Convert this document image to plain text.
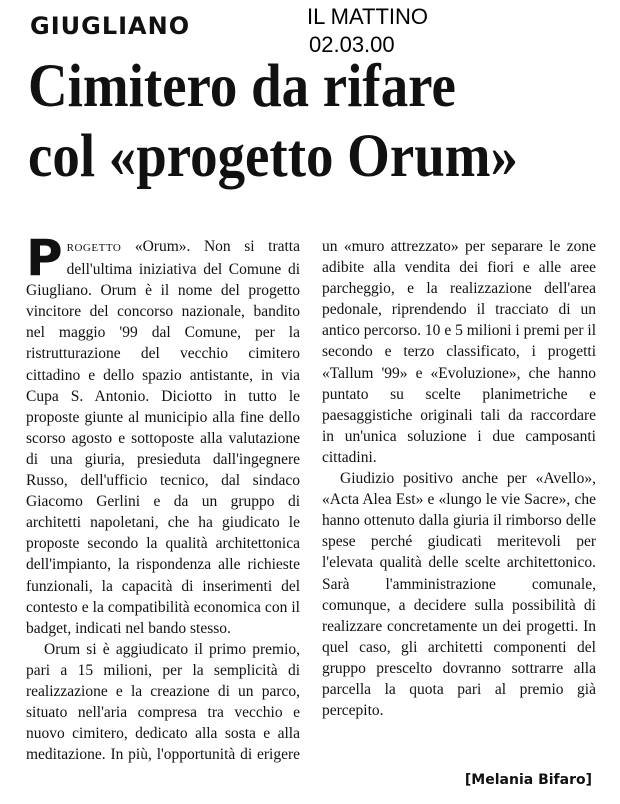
GIUGLIANO	IL MATTINO
02.03.00
Cimitero da rifare
col «progetto Orum»

PROGETTO «Orum». Non si tratta dell'ultima iniziativa del Comune di Giugliano. Orum è il nome del progetto vincitore del concorso nazionale, bandito nel maggio '99 dal Comune, per la ristrutturazione del vecchio cimitero cittadino e dello spazio antistante, in via Cupa S. Antonio. Diciotto in tutto le proposte giunte al municipio alla fine dello scorso agosto e sottoposte alla valutazione di una giuria, presieduta dall'ingegnere Russo, dell'ufficio tecnico, dal sindaco Giacomo Gerlini e da un gruppo di architetti napoletani, che ha giudicato le proposte secondo la qualità architettonica dell'impianto, la rispondenza alle richieste funzionali, la capacità di inserimenti del contesto e la compatibilità economica con il badget, indicati nel bando stesso.

Orum si è aggiudicato il primo premio, pari a 15 milioni, per la semplicità di realizzazione e la creazione di un parco, situato nell'aria compresa tra vecchio e nuovo cimitero, dedicato alla sosta e alla meditazione. In più, l'opportunità di erigere un «muro attrezzato» per separare le zone adibite alla vendita dei fiori e alle aree parcheggio, e la realizzazione dell'area pedonale, riprendendo il tracciato di un antico percorso. 10 e 5 milioni i premi per il secondo e terzo classificato, i progetti «Tallum '99» e «Evoluzione», che hanno puntato su scelte planimetriche e paesaggistiche originali tali da raccordare in un'unica soluzione i due camposanti cittadini.

Giudizio positivo anche per «Avello», «Acta Alea Est» e «lungo le vie Sacre», che hanno ottenuto dalla giuria il rimborso delle spese perché giudicati meritevoli per l'elevata qualità delle scelte architettonico. Sarà l'amministrazione comunale, comunque, a decidere sulla possibilità di realizzare concretamente un dei progetti. In quel caso, gli architetti componenti del gruppo prescelto dovranno sottrarre alla parcella la quota pari al premio già percepito.

[Melania Bifaro]
